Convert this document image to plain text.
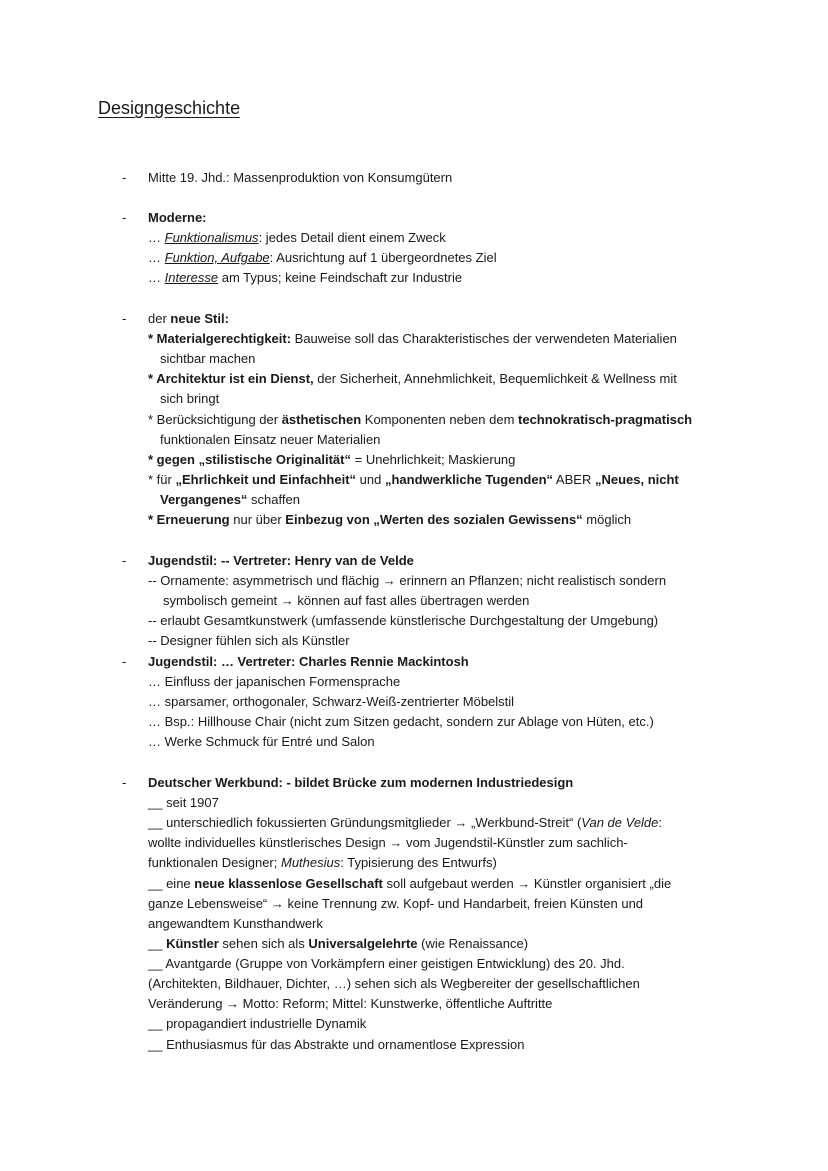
Designgeschichte
- Mitte 19. Jhd.: Massenproduktion von Konsumgütern
- Moderne:
… Funktionalismus: jedes Detail dient einem Zweck
… Funktion, Aufgabe: Ausrichtung auf 1 übergeordnetes Ziel
… Interesse am Typus; keine Feindschaft zur Industrie
- der neue Stil:
* Materialgerechtigkeit: Bauweise soll das Charakteristisches der verwendeten Materialien
sichtbar machen
* Architektur ist ein Dienst, der Sicherheit, Annehmlichkeit, Bequemlichkeit & Wellness mit
sich bringt
* Berücksichtigung der ästhetischen Komponenten neben dem technokratisch-pragmatisch
funktionalen Einsatz neuer Materialien
* gegen „stilistische Originalität“ = Unehrlichkeit; Maskierung
* für „Ehrlichkeit und Einfachheit“ und „handwerkliche Tugenden“ ABER „Neues, nicht
Vergangenes“ schaffen
* Erneuerung nur über Einbezug von „Werten des sozialen Gewissens“ möglich
- Jugendstil: -- Vertreter: Henry van de Velde
-- Ornamente: asymmetrisch und flächig → erinnern an Pflanzen; nicht realistisch sondern
symbolisch gemeint → können auf fast alles übertragen werden
-- erlaubt Gesamtkunstwerk (umfassende künstlerische Durchgestaltung der Umgebung)
-- Designer fühlen sich als Künstler
- Jugendstil: … Vertreter: Charles Rennie Mackintosh
… Einfluss der japanischen Formensprache
… sparsamer, orthogonaler, Schwarz-Weiß-zentrierter Möbelstil
… Bsp.: Hillhouse Chair (nicht zum Sitzen gedacht, sondern zur Ablage von Hüten, etc.)
… Werke Schmuck für Entré und Salon
- Deutscher Werkbund: - bildet Brücke zum modernen Industriedesign
__ seit 1907
__ unterschiedlich fokussierten Gründungsmitglieder → „Werkbund-Streit“ (Van de Velde:
wollte individuelles künstlerisches Design → vom Jugendstil-Künstler zum sachlich-
funktionalen Designer; Muthesius: Typisierung des Entwurfs)
__ eine neue klassenlose Gesellschaft soll aufgebaut werden → Künstler organisiert „die
ganze Lebensweise“ → keine Trennung zw. Kopf- und Handarbeit, freien Künsten und
angewandtem Kunsthandwerk
__ Künstler sehen sich als Universalgelehrte (wie Renaissance)
__ Avantgarde (Gruppe von Vorkämpfern einer geistigen Entwicklung) des 20. Jhd.
(Architekten, Bildhauer, Dichter, …) sehen sich als Wegbereiter der gesellschaftlichen
Veränderung → Motto: Reform; Mittel: Kunstwerke, öffentliche Auftritte
__ propagandiert industrielle Dynamik
__ Enthusiasmus für das Abstrakte und ornamentlose Expression
